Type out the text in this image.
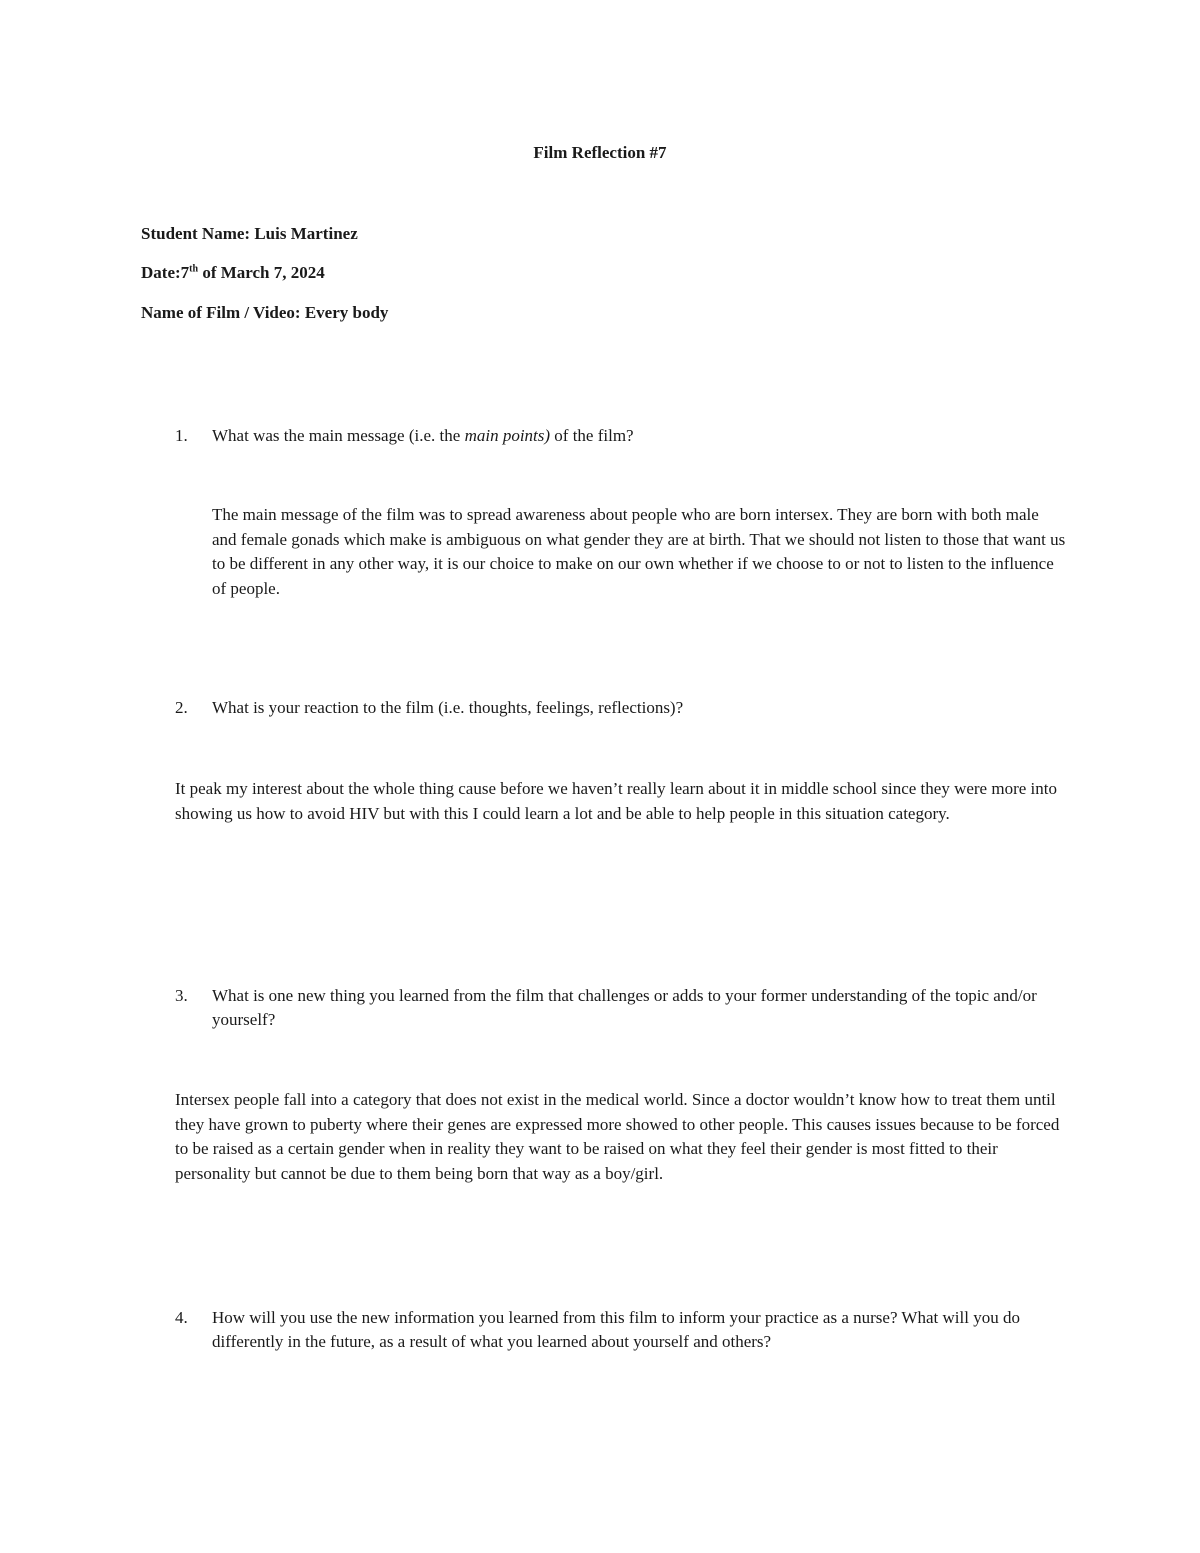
Film Reflection #7
Student Name: Luis Martinez
Date:7th of March 7, 2024
Name of Film / Video: Every body
1. What was the main message (i.e. the main points) of the film?
The main message of the film was to spread awareness about people who are born intersex. They are born with both male and female gonads which make is ambiguous on what gender they are at birth. That we should not listen to those that want us to be different in any other way, it is our choice to make on our own whether if we choose to or not to listen to the influence of people.
2. What is your reaction to the film (i.e. thoughts, feelings, reflections)?
It peak my interest about the whole thing cause before we haven’t really learn about it in middle school since they were more into showing us how to avoid HIV but with this I could learn a lot and be able to help people in this situation category.
3. What is one new thing you learned from the film that challenges or adds to your former understanding of the topic and/or yourself?
Intersex people fall into a category that does not exist in the medical world. Since a doctor wouldn’t know how to treat them until they have grown to puberty where their genes are expressed more showed to other people. This causes issues because to be forced to be raised as a certain gender when in reality they want to be raised on what they feel their gender is most fitted to their personality but cannot be due to them being born that way as a boy/girl.
4. How will you use the new information you learned from this film to inform your practice as a nurse? What will you do differently in the future, as a result of what you learned about yourself and others?
